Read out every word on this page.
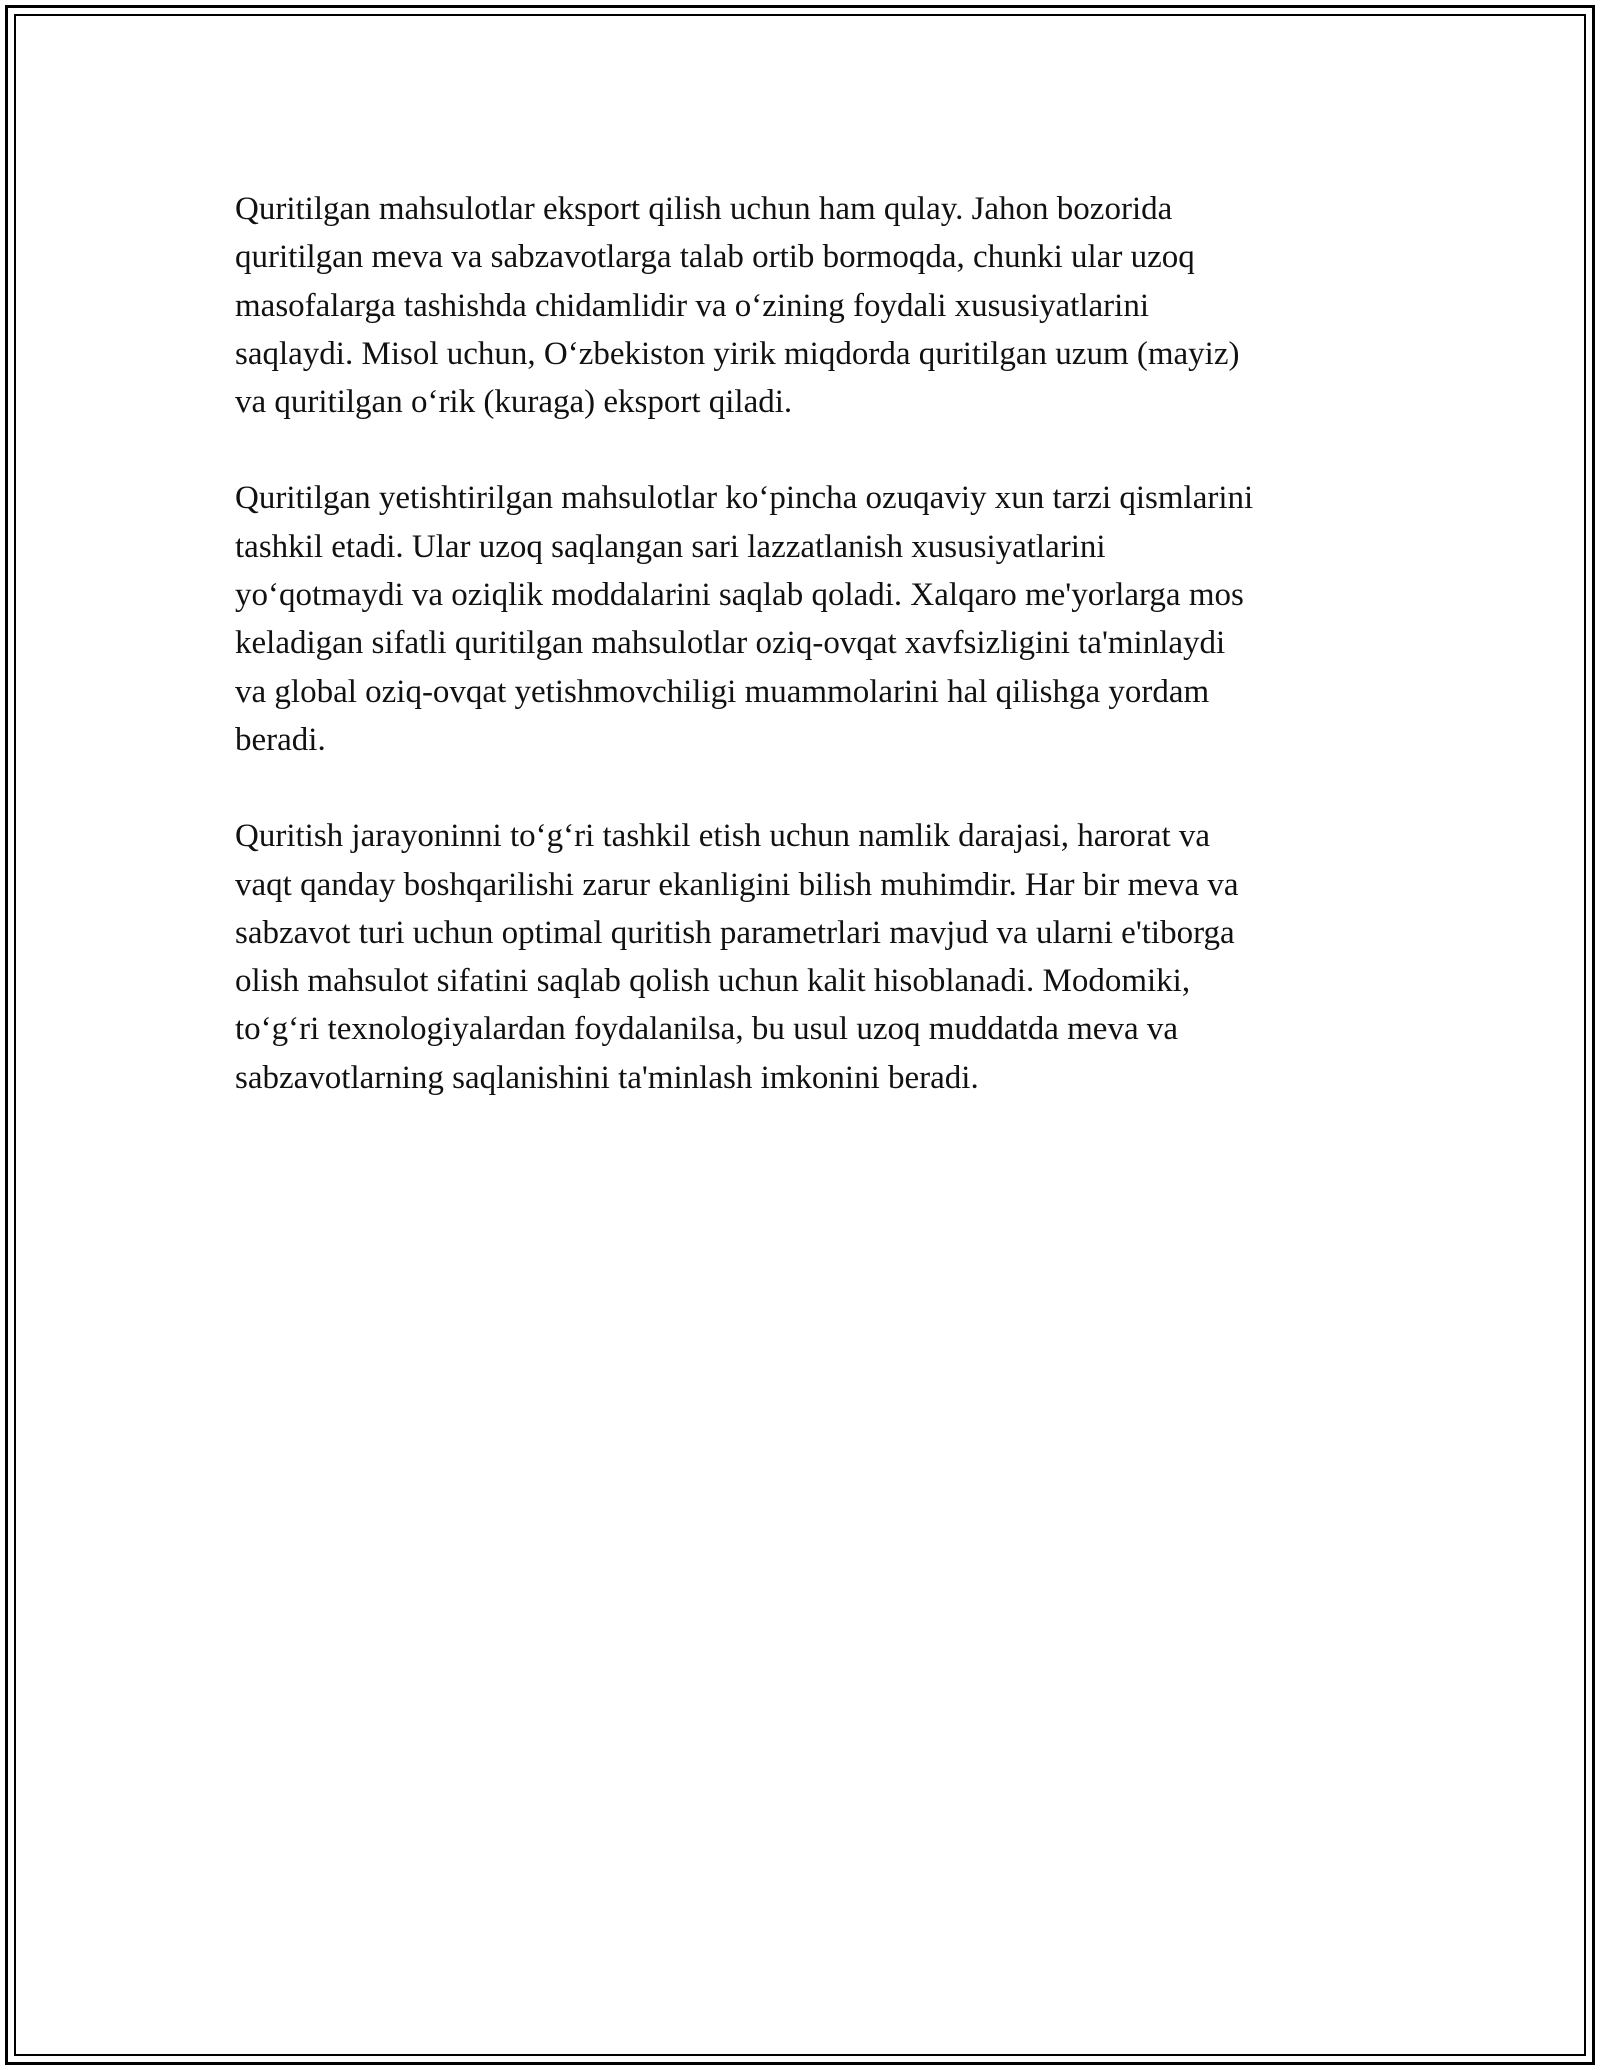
Quritilgan mahsulotlar eksport qilish uchun ham qulay. Jahon bozorida
quritilgan meva va sabzavotlarga talab ortib bormoqda, chunki ular uzoq
masofalarga tashishda chidamlidir va o‘zining foydali xususiyatlarini
saqlaydi. Misol uchun, O‘zbekiston yirik miqdorda quritilgan uzum (mayiz)
va quritilgan o‘rik (kuraga) eksport qiladi.

Quritilgan yetishtirilgan mahsulotlar ko‘pincha ozuqaviy xun tarzi qismlarini
tashkil etadi. Ular uzoq saqlangan sari lazzatlanish xususiyatlarini
yo‘qotmaydi va oziqlik moddalarini saqlab qoladi. Xalqaro me'yorlarga mos
keladigan sifatli quritilgan mahsulotlar oziq-ovqat xavfsizligini ta'minlaydi
va global oziq-ovqat yetishmovchiligi muammolarini hal qilishga yordam
beradi.

Quritish jarayoninni to‘g‘ri tashkil etish uchun namlik darajasi, harorat va
vaqt qanday boshqarilishi zarur ekanligini bilish muhimdir. Har bir meva va
sabzavot turi uchun optimal quritish parametrlari mavjud va ularni e'tiborga
olish mahsulot sifatini saqlab qolish uchun kalit hisoblanadi. Modomiki,
to‘g‘ri texnologiyalardan foydalanilsa, bu usul uzoq muddatda meva va
sabzavotlarning saqlanishini ta'minlash imkonini beradi.
